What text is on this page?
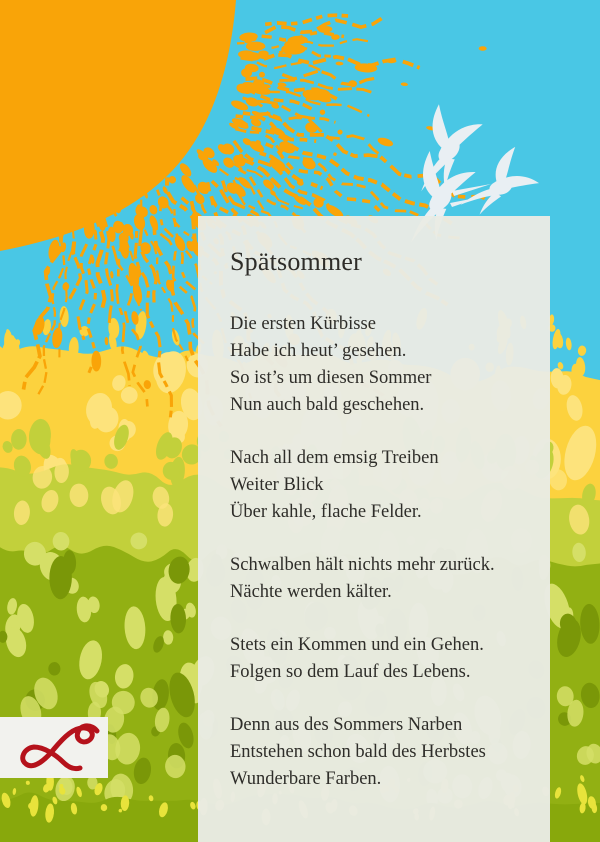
Spätsommer

Die ersten Kürbisse
Habe ich heut’ gesehen.
So ist’s um diesen Sommer
Nun auch bald geschehen.

Nach all dem emsig Treiben
Weiter Blick
Über kahle, flache Felder.

Schwalben hält nichts mehr zurück.
Nächte werden kälter.

Stets ein Kommen und ein Gehen.
Folgen so dem Lauf des Lebens.

Denn aus des Sommers Narben
Entstehen schon bald des Herbstes
Wunderbare Farben.
